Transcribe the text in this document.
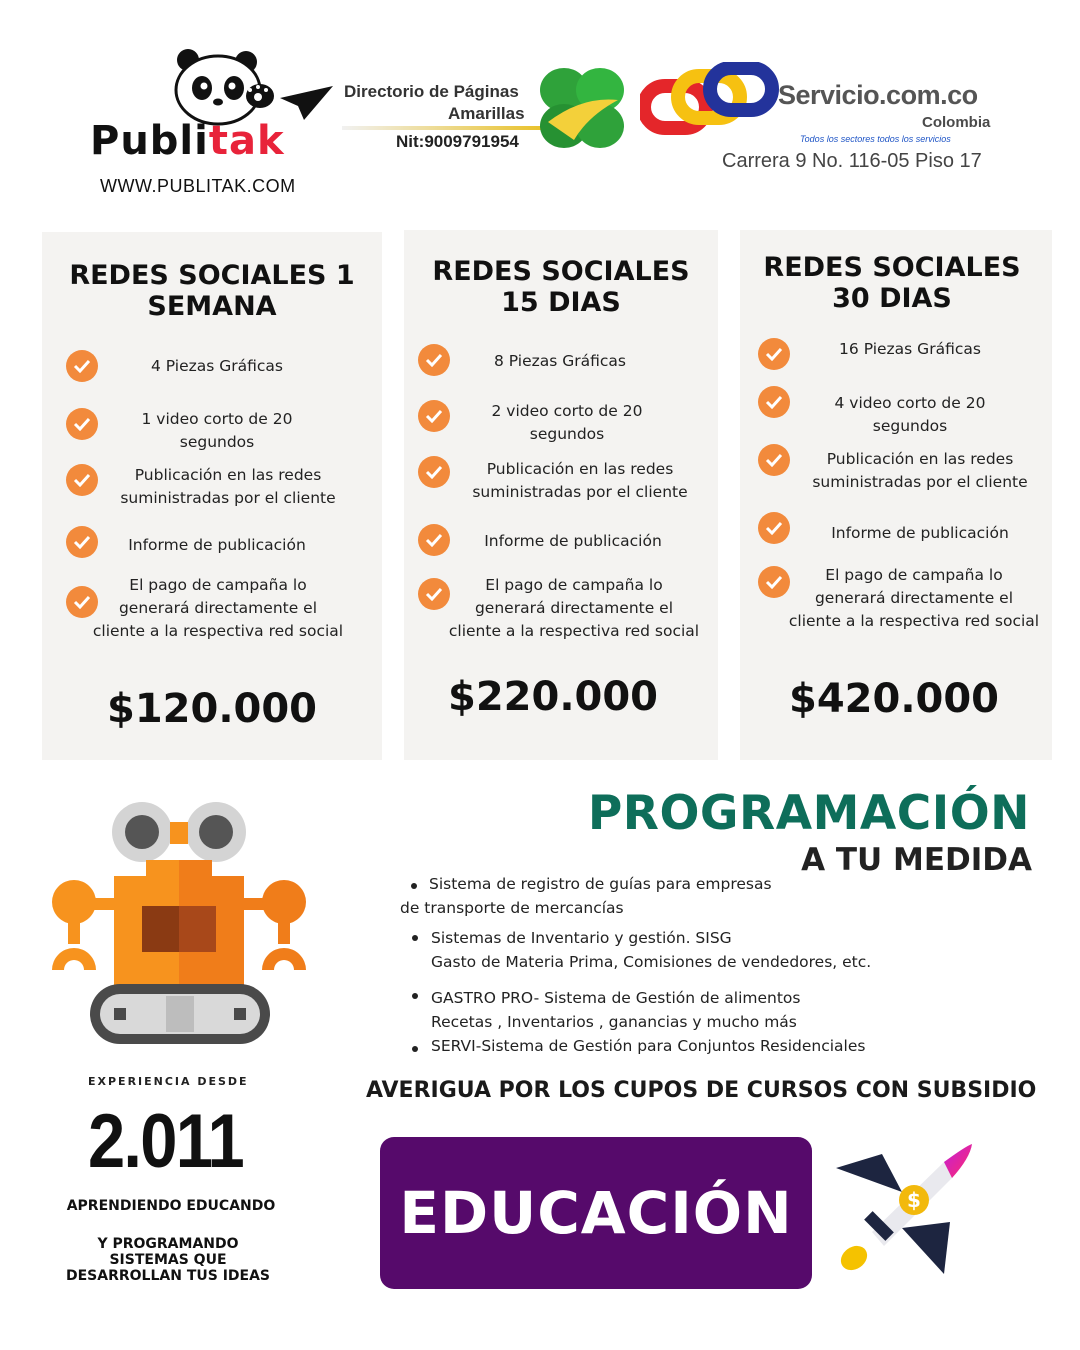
Publitak
WWW.PUBLITAK.COM
Directorio de Páginas
Amarillas
Nit:9009791954
Servicio.com.co
Colombia
Todos los sectores todos los servicios
Carrera 9 No. 116-05 Piso 17
REDES SOCIALES 1
SEMANA
4 Piezas Gráficas
1 video corto de 20
segundos
Publicación en las redes
suministradas por el cliente
Informe de publicación
El pago de campaña lo
generará directamente el
cliente a la respectiva red social
$120.000
REDES SOCIALES
15 DIAS
8 Piezas Gráficas
2 video corto de 20
segundos
Publicación en las redes
suministradas por el cliente
Informe de publicación
El pago de campaña lo
generará directamente el
cliente a la respectiva red social
$220.000
REDES SOCIALES
30 DIAS
16 Piezas Gráficas
4 video corto de 20
segundos
Publicación en las redes
suministradas por el cliente
Informe de publicación
El pago de campaña lo
generará directamente el
cliente a la respectiva red social
$420.000
PROGRAMACIÓN
A TU MEDIDA
Sistema de registro de guías para empresas
de transporte de mercancías
Sistemas de Inventario y gestión. SISG
Gasto de Materia Prima, Comisiones de vendedores, etc.
GASTRO PRO- Sistema de Gestión de alimentos
Recetas , Inventarios , ganancias y mucho más
SERVI-Sistema de Gestión para Conjuntos Residenciales
EXPERIENCIA DESDE
2.011
APRENDIENDO EDUCANDO
Y PROGRAMANDO
SISTEMAS QUE
DESARROLLAN TUS IDEAS
AVERIGUA POR LOS CUPOS DE CURSOS CON SUBSIDIO
EDUCACIÓN	$
